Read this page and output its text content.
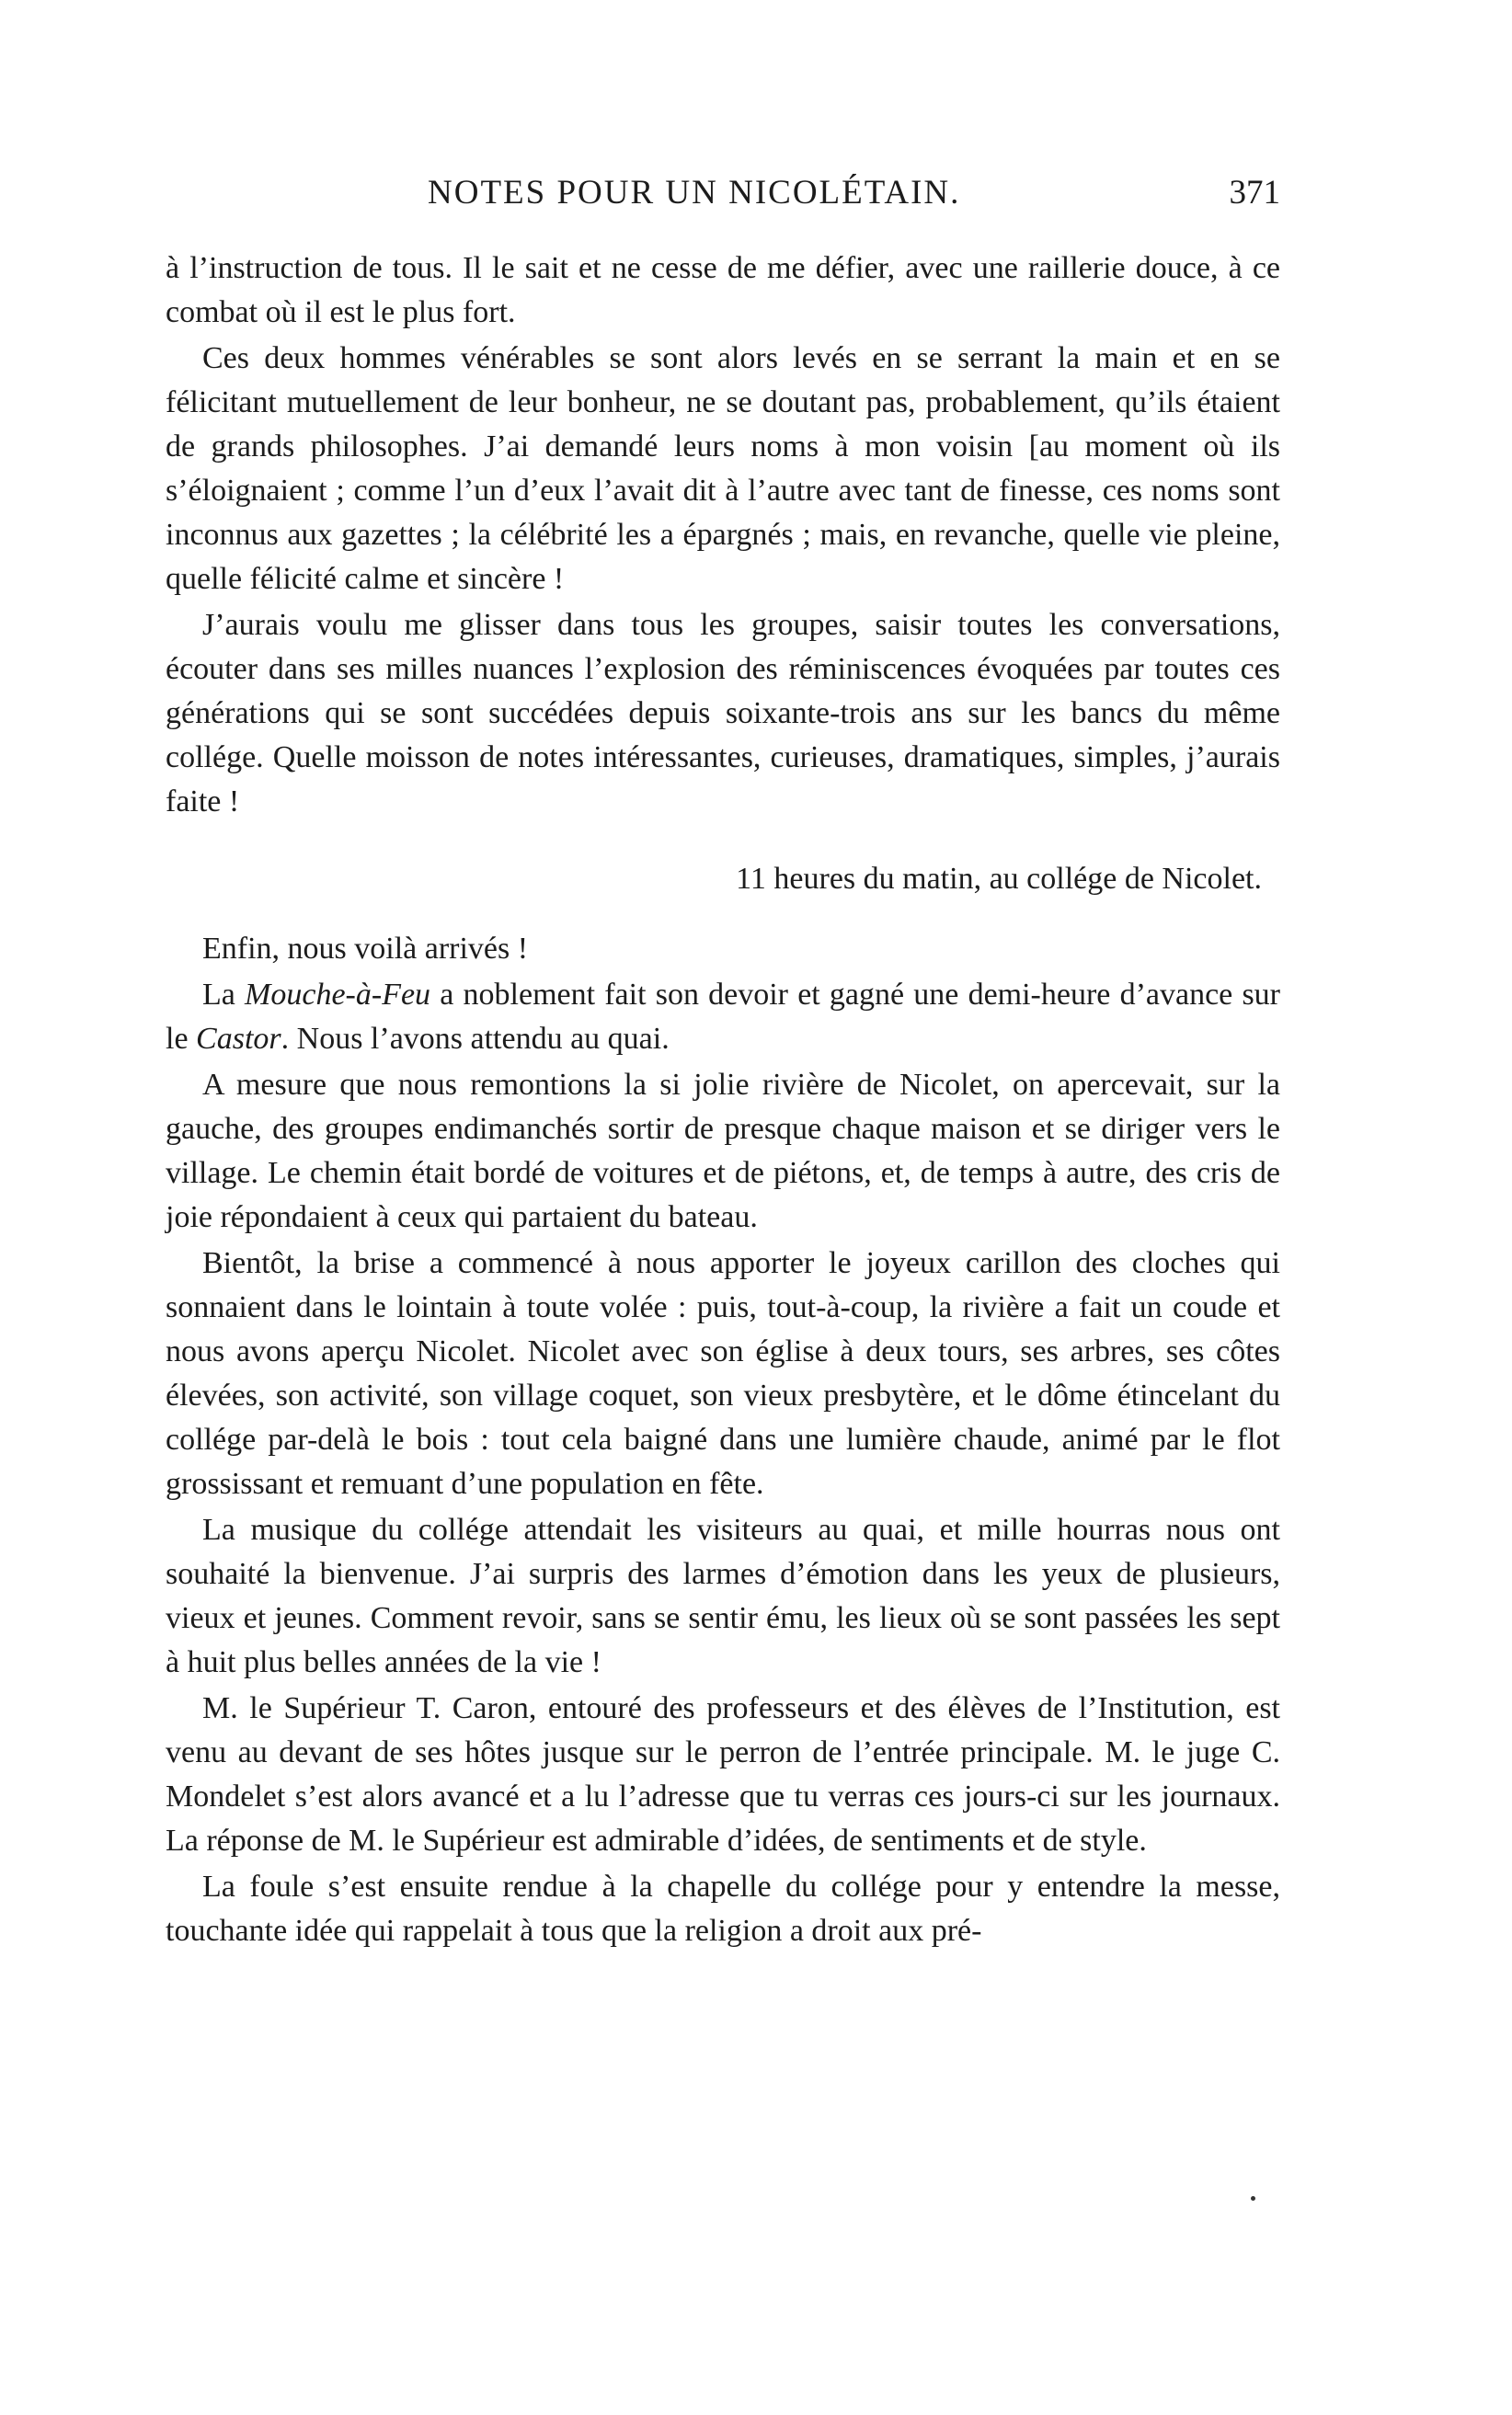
NOTES POUR UN NICOLÉTAIN.	371

à l’instruction de tous. Il le sait et ne cesse de me défier, avec une raillerie douce, à ce combat où il est le plus fort.

Ces deux hommes vénérables se sont alors levés en se serrant la main et en se félicitant mutuellement de leur bonheur, ne se doutant pas, probablement, qu’ils étaient de grands philosophes. J’ai demandé leurs noms à mon voisin [au moment où ils s’éloignaient ; comme l’un d’eux l’avait dit à l’autre avec tant de finesse, ces noms sont inconnus aux gazettes ; la célébrité les a épargnés ; mais, en revanche, quelle vie pleine, quelle félicité calme et sincère !

J’aurais voulu me glisser dans tous les groupes, saisir toutes les conversations, écouter dans ses milles nuances l’explosion des réminiscences évoquées par toutes ces générations qui se sont succédées depuis soixante-trois ans sur les bancs du même collége. Quelle moisson de notes intéressantes, curieuses, dramatiques, simples, j’aurais faite !

11 heures du matin, au collége de Nicolet.

Enfin, nous voilà arrivés !

La Mouche-à-Feu a noblement fait son devoir et gagné une demi-heure d’avance sur le Castor. Nous l’avons attendu au quai.

A mesure que nous remontions la si jolie rivière de Nicolet, on apercevait, sur la gauche, des groupes endimanchés sortir de presque chaque maison et se diriger vers le village. Le chemin était bordé de voitures et de piétons, et, de temps à autre, des cris de joie répondaient à ceux qui partaient du bateau.

Bientôt, la brise a commencé à nous apporter le joyeux carillon des cloches qui sonnaient dans le lointain à toute volée : puis, tout-à-coup, la rivière a fait un coude et nous avons aperçu Nicolet. Nicolet avec son église à deux tours, ses arbres, ses côtes élevées, son activité, son village coquet, son vieux presbytère, et le dôme étincelant du collége par-delà le bois : tout cela baigné dans une lumière chaude, animé par le flot grossissant et remuant d’une population en fête.

La musique du collége attendait les visiteurs au quai, et mille hourras nous ont souhaité la bienvenue. J’ai surpris des larmes d’émotion dans les yeux de plusieurs, vieux et jeunes. Comment revoir, sans se sentir ému, les lieux où se sont passées les sept à huit plus belles années de la vie !

M. le Supérieur T. Caron, entouré des professeurs et des élèves de l’Institution, est venu au devant de ses hôtes jusque sur le perron de l’entrée principale. M. le juge C. Mondelet s’est alors avancé et a lu l’adresse que tu verras ces jours-ci sur les journaux. La réponse de M. le Supérieur est admirable d’idées, de sentiments et de style.

La foule s’est ensuite rendue à la chapelle du collége pour y entendre la messe, touchante idée qui rappelait à tous que la religion a droit aux pré-
